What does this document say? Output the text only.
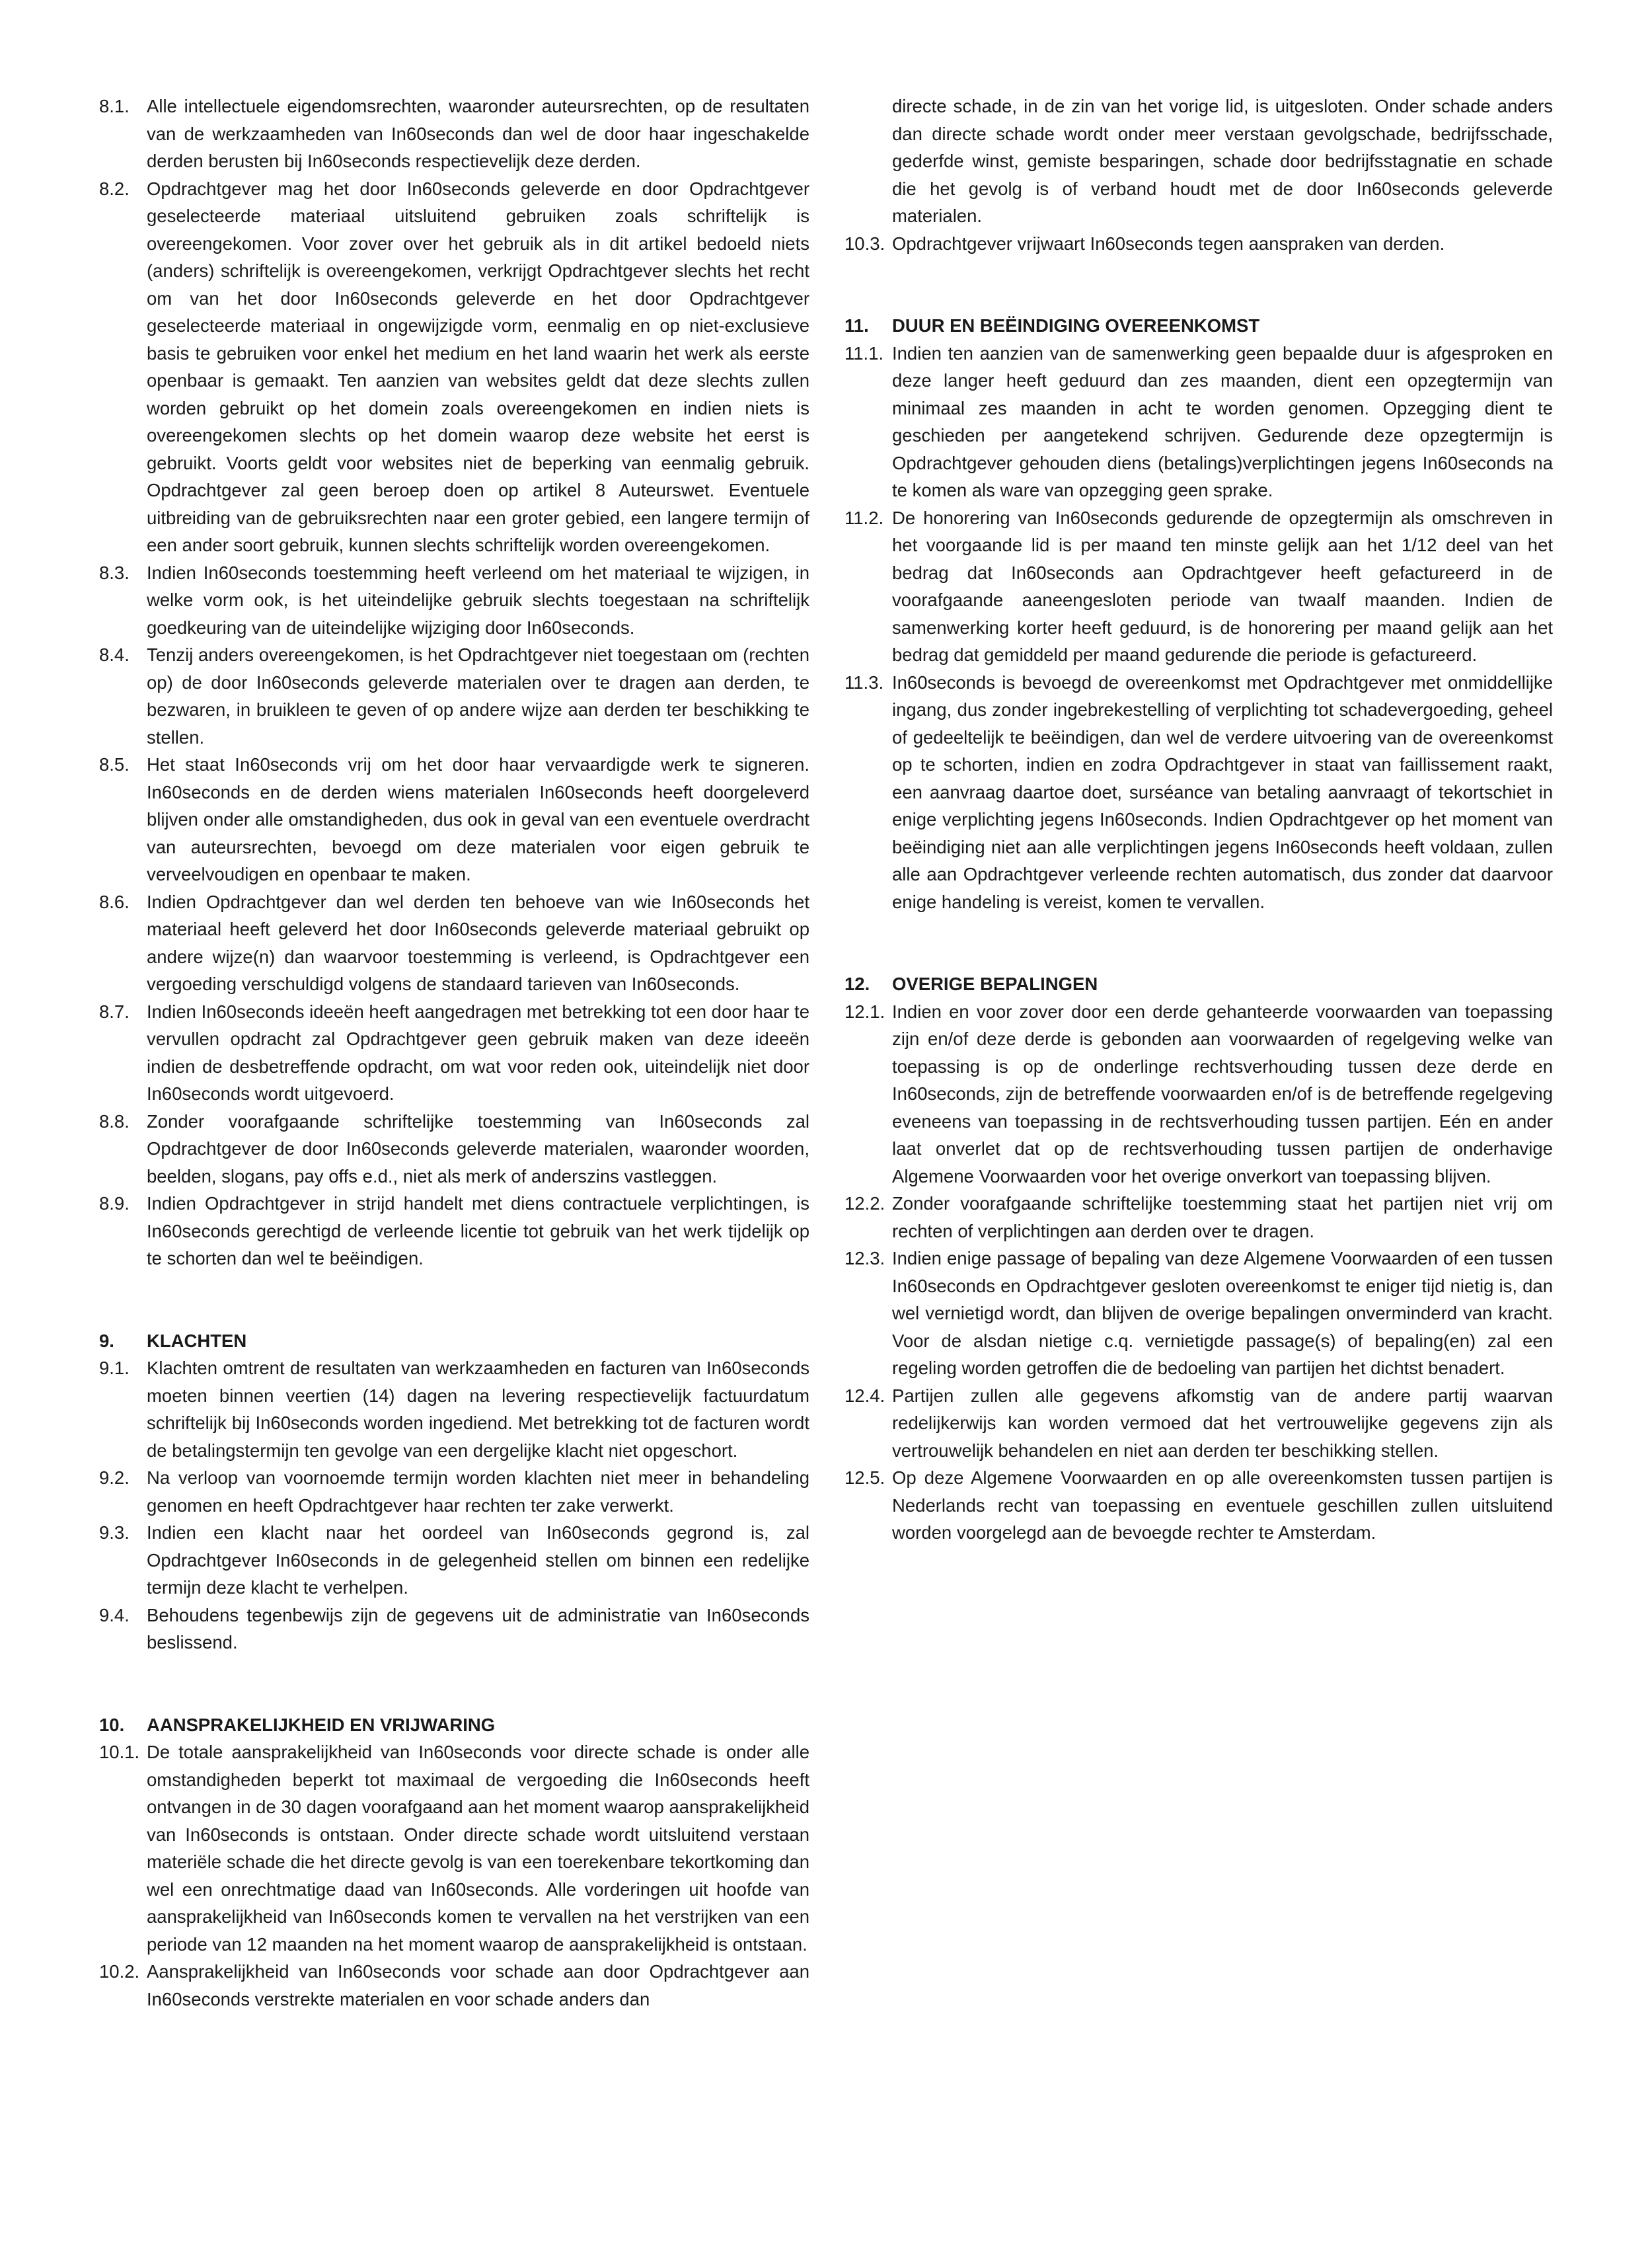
8.1. Alle intellectuele eigendomsrechten, waaronder auteursrechten, op de resultaten van de werkzaamheden van In60seconds dan wel de door haar ingeschakelde derden berusten bij In60seconds respectievelijk deze derden.
8.2. Opdrachtgever mag het door In60seconds geleverde en door Opdrachtgever geselecteerde materiaal uitsluitend gebruiken zoals schriftelijk is overeengekomen. Voor zover over het gebruik als in dit artikel bedoeld niets (anders) schriftelijk is overeengekomen, verkrijgt Opdrachtgever slechts het recht om van het door In60seconds geleverde en het door Opdrachtgever geselecteerde materiaal in ongewijzigde vorm, eenmalig en op niet-exclusieve basis te gebruiken voor enkel het medium en het land waarin het werk als eerste openbaar is gemaakt. Ten aanzien van websites geldt dat deze slechts zullen worden gebruikt op het domein zoals overeengekomen en indien niets is overeengekomen slechts op het domein waarop deze website het eerst is gebruikt. Voorts geldt voor websites niet de beperking van eenmalig gebruik. Opdrachtgever zal geen beroep doen op artikel 8 Auteurswet. Eventuele uitbreiding van de gebruiksrechten naar een groter gebied, een langere termijn of een ander soort gebruik, kunnen slechts schriftelijk worden overeengekomen.
8.3. Indien In60seconds toestemming heeft verleend om het materiaal te wijzigen, in welke vorm ook, is het uiteindelijke gebruik slechts toegestaan na schriftelijk goedkeuring van de uiteindelijke wijziging door In60seconds.
8.4. Tenzij anders overeengekomen, is het Opdrachtgever niet toegestaan om (rechten op) de door In60seconds geleverde materialen over te dragen aan derden, te bezwaren, in bruikleen te geven of op andere wijze aan derden ter beschikking te stellen.
8.5. Het staat In60seconds vrij om het door haar vervaardigde werk te signeren. In60seconds en de derden wiens materialen In60seconds heeft doorgeleverd blijven onder alle omstandigheden, dus ook in geval van een eventuele overdracht van auteursrechten, bevoegd om deze materialen voor eigen gebruik te verveelvoudigen en openbaar te maken.
8.6. Indien Opdrachtgever dan wel derden ten behoeve van wie In60seconds het materiaal heeft geleverd het door In60seconds geleverde materiaal gebruikt op andere wijze(n) dan waarvoor toestemming is verleend, is Opdrachtgever een vergoeding verschuldigd volgens de standaard tarieven van In60seconds.
8.7. Indien In60seconds ideeën heeft aangedragen met betrekking tot een door haar te vervullen opdracht zal Opdrachtgever geen gebruik maken van deze ideeën indien de desbetreffende opdracht, om wat voor reden ook, uiteindelijk niet door In60seconds wordt uitgevoerd.
8.8. Zonder voorafgaande schriftelijke toestemming van In60seconds zal Opdrachtgever de door In60seconds geleverde materialen, waaronder woorden, beelden, slogans, pay offs e.d., niet als merk of anderszins vastleggen.
8.9. Indien Opdrachtgever in strijd handelt met diens contractuele verplichtingen, is In60seconds gerechtigd de verleende licentie tot gebruik van het werk tijdelijk op te schorten dan wel te beëindigen.
9.	KLACHTEN
9.1. Klachten omtrent de resultaten van werkzaamheden en facturen van In60seconds moeten binnen veertien (14) dagen na levering respectievelijk factuurdatum schriftelijk bij In60seconds worden ingediend. Met betrekking tot de facturen wordt de betalingstermijn ten gevolge van een dergelijke klacht niet opgeschort.
9.2. Na verloop van voornoemde termijn worden klachten niet meer in behandeling genomen en heeft Opdrachtgever haar rechten ter zake verwerkt.
9.3. Indien een klacht naar het oordeel van In60seconds gegrond is, zal Opdrachtgever In60seconds in de gelegenheid stellen om binnen een redelijke termijn deze klacht te verhelpen.
9.4. Behoudens tegenbewijs zijn de gegevens uit de administratie van In60seconds beslissend.
10.	AANSPRAKELIJKHEID EN VRIJWARING
10.1. De totale aansprakelijkheid van In60seconds voor directe schade is onder alle omstandigheden beperkt tot maximaal de vergoeding die In60seconds heeft ontvangen in de 30 dagen voorafgaand aan het moment waarop aansprakelijkheid van In60seconds is ontstaan. Onder directe schade wordt uitsluitend verstaan materiële schade die het directe gevolg is van een toerekenbare tekortkoming dan wel een onrechtmatige daad van In60seconds. Alle vorderingen uit hoofde van aansprakelijkheid van In60seconds komen te vervallen na het verstrijken van een periode van 12 maanden na het moment waarop de aansprakelijkheid is ontstaan.
10.2. Aansprakelijkheid van In60seconds voor schade aan door Opdrachtgever aan In60seconds verstrekte materialen en voor schade anders dan
directe schade, in de zin van het vorige lid, is uitgesloten. Onder schade anders dan directe schade wordt onder meer verstaan gevolgschade, bedrijfsschade, gederfde winst, gemiste besparingen, schade door bedrijfsstagnatie en schade die het gevolg is of verband houdt met de door In60seconds geleverde materialen.
10.3. Opdrachtgever vrijwaart In60seconds tegen aanspraken van derden.
11.	DUUR EN BEËINDIGING OVEREENKOMST
11.1. Indien ten aanzien van de samenwerking geen bepaalde duur is afgesproken en deze langer heeft geduurd dan zes maanden, dient een opzegtermijn van minimaal zes maanden in acht te worden genomen. Opzegging dient te geschieden per aangetekend schrijven. Gedurende deze opzegtermijn is Opdrachtgever gehouden diens (betalings)verplichtingen jegens In60seconds na te komen als ware van opzegging geen sprake.
11.2. De honorering van In60seconds gedurende de opzegtermijn als omschreven in het voorgaande lid is per maand ten minste gelijk aan het 1/12 deel van het bedrag dat In60seconds aan Opdrachtgever heeft gefactureerd in de voorafgaande aaneengesloten periode van twaalf maanden. Indien de samenwerking korter heeft geduurd, is de honorering per maand gelijk aan het bedrag dat gemiddeld per maand gedurende die periode is gefactureerd.
11.3. In60seconds is bevoegd de overeenkomst met Opdrachtgever met onmiddellijke ingang, dus zonder ingebrekestelling of verplichting tot schadevergoeding, geheel of gedeeltelijk te beëindigen, dan wel de verdere uitvoering van de overeenkomst op te schorten, indien en zodra Opdrachtgever in staat van faillissement raakt, een aanvraag daartoe doet, surséance van betaling aanvraagt of tekortschiet in enige verplichting jegens In60seconds. Indien Opdrachtgever op het moment van beëindiging niet aan alle verplichtingen jegens In60seconds heeft voldaan, zullen alle aan Opdrachtgever verleende rechten automatisch, dus zonder dat daarvoor enige handeling is vereist, komen te vervallen.
12.	OVERIGE BEPALINGEN
12.1. Indien en voor zover door een derde gehanteerde voorwaarden van toepassing zijn en/of deze derde is gebonden aan voorwaarden of regelgeving welke van toepassing is op de onderlinge rechtsverhouding tussen deze derde en In60seconds, zijn de betreffende voorwaarden en/of is de betreffende regelgeving eveneens van toepassing in de rechtsverhouding tussen partijen. Eén en ander laat onverlet dat op de rechtsverhouding tussen partijen de onderhavige Algemene Voorwaarden voor het overige onverkort van toepassing blijven.
12.2. Zonder voorafgaande schriftelijke toestemming staat het partijen niet vrij om rechten of verplichtingen aan derden over te dragen.
12.3. Indien enige passage of bepaling van deze Algemene Voorwaarden of een tussen In60seconds en Opdrachtgever gesloten overeenkomst te eniger tijd nietig is, dan wel vernietigd wordt, dan blijven de overige bepalingen onverminderd van kracht. Voor de alsdan nietige c.q. vernietigde passage(s) of bepaling(en) zal een regeling worden getroffen die de bedoeling van partijen het dichtst benadert.
12.4. Partijen zullen alle gegevens afkomstig van de andere partij waarvan redelijkerwijs kan worden vermoed dat het vertrouwelijke gegevens zijn als vertrouwelijk behandelen en niet aan derden ter beschikking stellen.
12.5. Op deze Algemene Voorwaarden en op alle overeenkomsten tussen partijen is Nederlands recht van toepassing en eventuele geschillen zullen uitsluitend worden voorgelegd aan de bevoegde rechter te Amsterdam.
